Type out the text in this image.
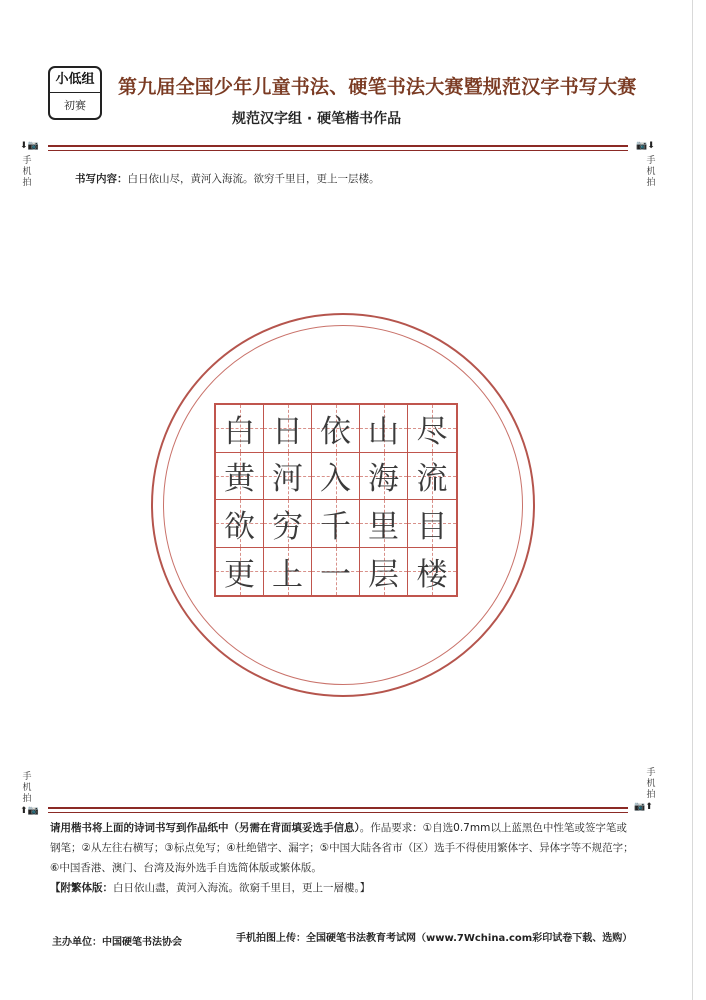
小低组
初赛
第九届全国少年儿童书法、硬笔书法大赛暨规范汉字书写大赛
规范汉字组 · 硬笔楷书作品
⬇📷
手
机
拍
📷⬇
手
机
拍
书写内容：白日依山尽，黄河入海流。欲穷千里目，更上一层楼。
白 日 依 山 尽
黄 河 入 海 流
欲 穷 千 里 目
更 上 一 层 楼
手
机
拍
⬆📷
手
机
拍
📷⬆
请用楷书将上面的诗词书写到作品纸中（另需在背面填妥选手信息）。作品要求：①自选0.7mm以上蓝黑色中性笔或签字笔或钢笔；②从左往右横写；③标点免写；④杜绝错字、漏字；⑤中国大陆各省市（区）选手不得使用繁体字、异体字等不规范字；⑥中国香港、澳门、台湾及海外选手自选简体版或繁体版。
【附繁体版：白日依山盡，黄河入海流。欲窮千里目，更上一層樓。】
主办单位：中国硬笔书法协会	手机拍图上传：全国硬笔书法教育考试网（www.7Wchina.com彩印试卷下载、选购）
